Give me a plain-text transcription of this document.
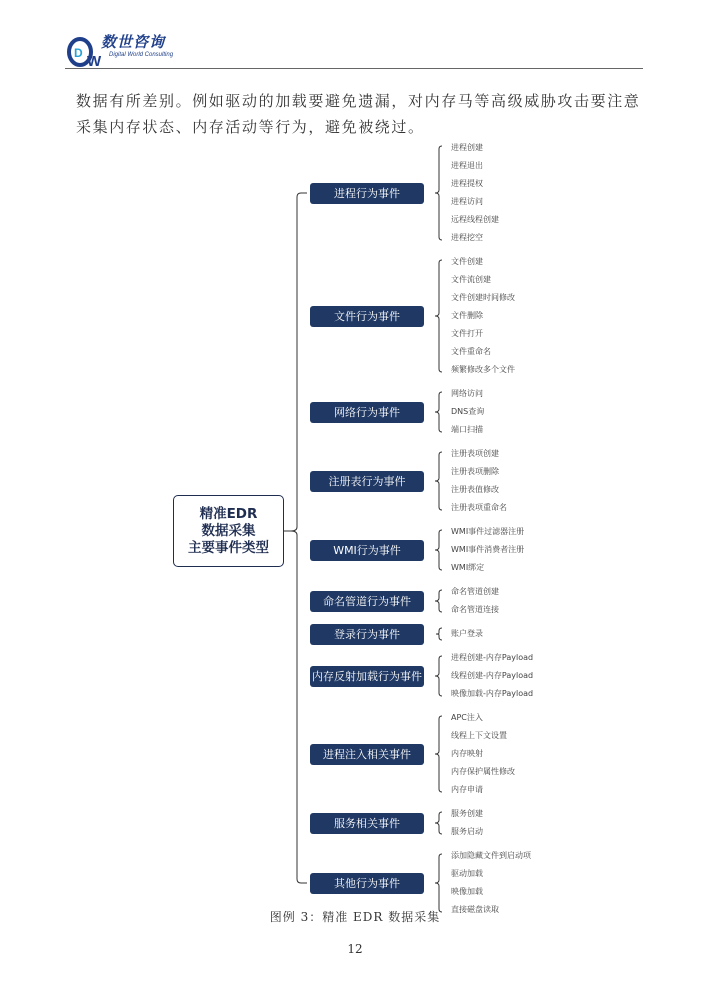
D W
数世咨询
Digital World Consulting
数据有所差别。例如驱动的加载要避免遗漏，对内存马等高级威胁攻击要注意
采集内存状态、内存活动等行为，避免被绕过。
精准EDR
数据采集
主要事件类型
进程行为事件
进程创建
进程退出
进程提权
进程访问
远程线程创建
进程挖空
文件行为事件
文件创建
文件流创建
文件创建时间修改
文件删除
文件打开
文件重命名
频繁修改多个文件
网络行为事件
网络访问
DNS查询
端口扫描
注册表行为事件
注册表项创建
注册表项删除
注册表值修改
注册表项重命名
WMI行为事件
WMI事件过滤器注册
WMI事件消费者注册
WMI绑定
命名管道行为事件
命名管道创建
命名管道连接
登录行为事件	账户登录
内存反射加载行为事件
进程创建-内存Payload
线程创建-内存Payload
映像加载-内存Payload
进程注入相关事件
APC注入
线程上下文设置
内存映射
内存保护属性修改
内存申请
服务相关事件
服务创建
服务启动
其他行为事件
添加隐藏文件到启动项
驱动加载
映像加载
直接磁盘读取
图例 3：精准 EDR 数据采集
12
